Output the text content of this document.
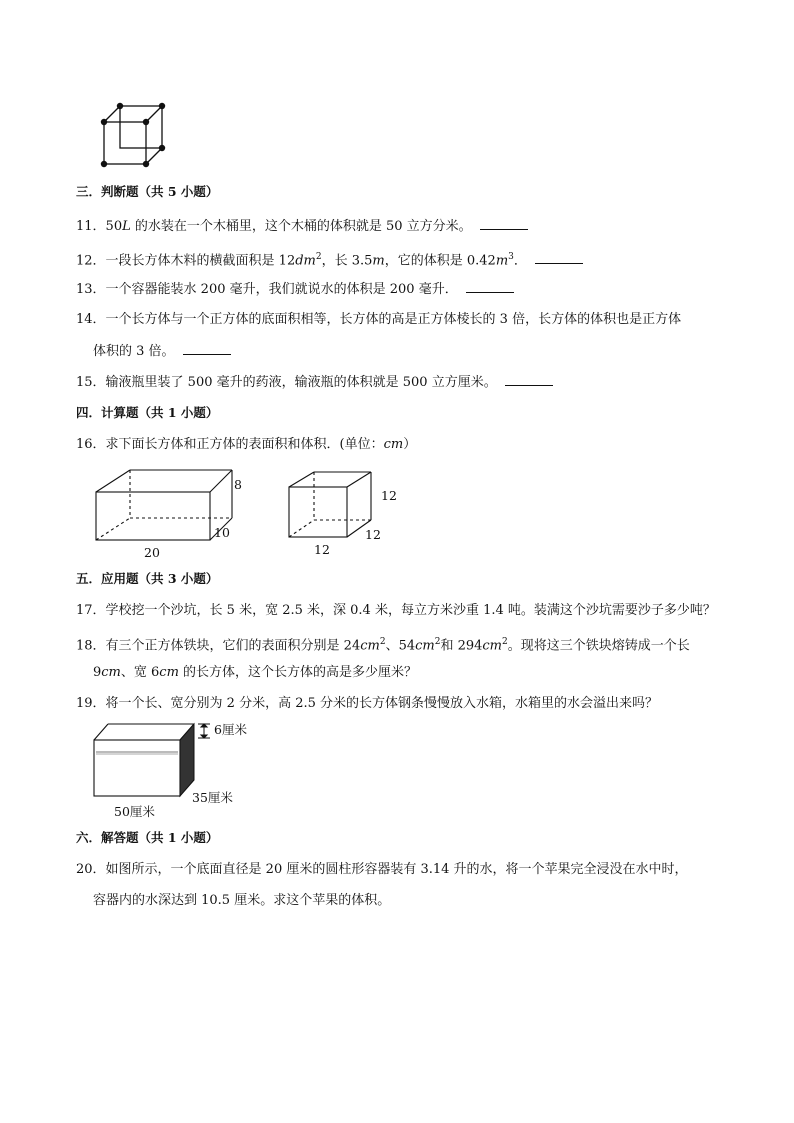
三．判断题（共 5 小题）
11．50L 的水装在一个木桶里，这个木桶的体积就是 50 立方分米。
12．一段长方体木料的横截面积是 $12dm^2$，长 3.5m，它的体积是 $0.42m^3$．
13．一个容器能装水 200 毫升，我们就说水的体积是 200 毫升．
14．一个长方体与一个正方体的底面积相等，长方体的高是正方体棱长的 3 倍，长方体的体积也是正方体
体积的 3 倍。
15．输液瓶里装了 500 毫升的药液，输液瓶的体积就是 500 立方厘米。
四．计算题（共 1 小题）
16．求下面长方体和正方体的表面积和体积．(单位：cm）
8
10
20
12
12
12
五．应用题（共 3 小题）
17．学校挖一个沙坑，长 5 米，宽 2.5 米，深 0.4 米，每立方米沙重 1.4 吨。装满这个沙坑需要沙子多少吨？
18．有三个正方体铁块，它们的表面积分别是 $24cm^2$、$54cm^2$和 $294cm^2$。现将这三个铁块熔铸成一个长
9cm、宽 6cm 的长方体，这个长方体的高是多少厘米？
19．将一个长、宽分别为 2 分米，高 2.5 分米的长方体钢条慢慢放入水箱，水箱里的水会溢出来吗？
6厘米
35厘米
50厘米
六．解答题（共 1 小题）
20．如图所示，一个底面直径是 20 厘米的圆柱形容器装有 3.14 升的水，将一个苹果完全浸没在水中时，
容器内的水深达到 10.5 厘米。求这个苹果的体积。
